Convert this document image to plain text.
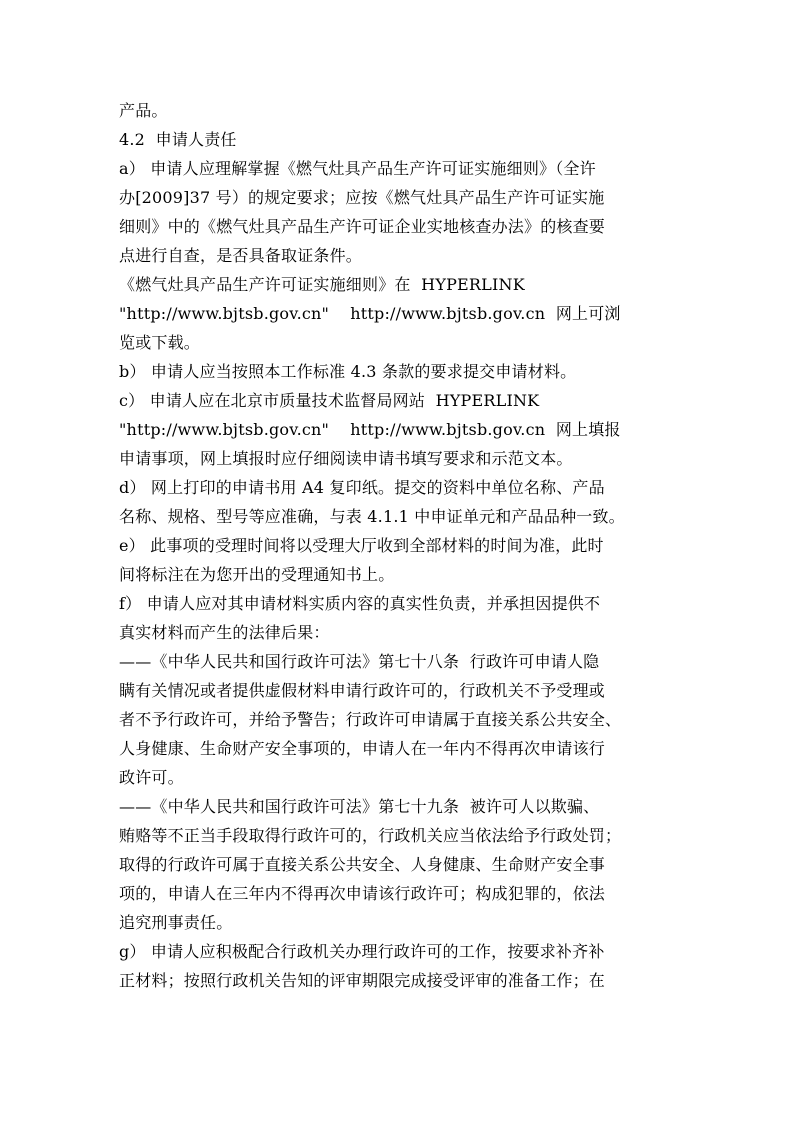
产品。
4.2  申请人责任
a） 申请人应理解掌握《燃气灶具产品生产许可证实施细则》（全许
办[2009]37 号）的规定要求；应按《燃气灶具产品生产许可证实施
细则》中的《燃气灶具产品生产许可证企业实地核查办法》的核查要
点进行自查，是否具备取证条件。
《燃气灶具产品生产许可证实施细则》在  HYPERLINK
"http://www.bjtsb.gov.cn"    http://www.bjtsb.gov.cn  网上可浏
览或下载。
b） 申请人应当按照本工作标准 4.3 条款的要求提交申请材料。
c） 申请人应在北京市质量技术监督局网站  HYPERLINK
"http://www.bjtsb.gov.cn"    http://www.bjtsb.gov.cn  网上填报
申请事项，网上填报时应仔细阅读申请书填写要求和示范文本。
d） 网上打印的申请书用 A4 复印纸。提交的资料中单位名称、产品
名称、规格、型号等应准确，与表 4.1.1 中申证单元和产品品种一致。
e） 此事项的受理时间将以受理大厅收到全部材料的时间为准，此时
间将标注在为您开出的受理通知书上。
f） 申请人应对其申请材料实质内容的真实性负责，并承担因提供不
真实材料而产生的法律后果：
——《中华人民共和国行政许可法》第七十八条  行政许可申请人隐
瞒有关情况或者提供虚假材料申请行政许可的，行政机关不予受理或
者不予行政许可，并给予警告；行政许可申请属于直接关系公共安全、
人身健康、生命财产安全事项的，申请人在一年内不得再次申请该行
政许可。
——《中华人民共和国行政许可法》第七十九条  被许可人以欺骗、
贿赂等不正当手段取得行政许可的，行政机关应当依法给予行政处罚；
取得的行政许可属于直接关系公共安全、人身健康、生命财产安全事
项的，申请人在三年内不得再次申请该行政许可；构成犯罪的，依法
追究刑事责任。
g） 申请人应积极配合行政机关办理行政许可的工作，按要求补齐补
正材料；按照行政机关告知的评审期限完成接受评审的准备工作；在
